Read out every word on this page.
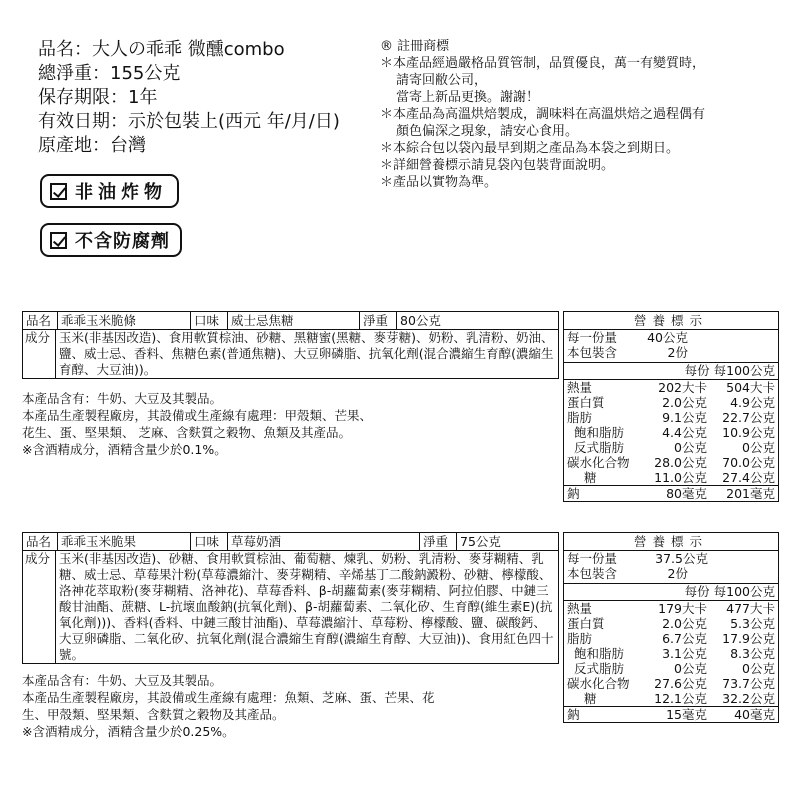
品名：大人の乖乖 微醺combo
總淨重：155公克
保存期限：1年
有效日期：示於包裝上(西元 年/月/日)
原產地：台灣
® 註冊商標
＊本產品經過嚴格品質管制，品質優良，萬一有變質時，
請寄回敝公司，
當寄上新品更換。謝謝！
＊本產品為高溫烘焙製成，調味料在高溫烘焙之過程偶有
顏色偏深之現象，請安心食用。
＊本綜合包以袋內最早到期之產品為本袋之到期日。
＊詳細營養標示請見袋內包裝背面說明。
＊產品以實物為準。
非油炸物
不含防腐劑
品名 乖乖玉米脆條	口味 威士忌焦糖	淨重 80公克
成分 玉米(非基因改造)、食用軟質棕油、砂糖、黑糖蜜(黑糖、麥芽糖)、奶粉、乳清粉、奶油、鹽、威士忌、香料、焦糖色素(普通焦糖)、大豆卵磷脂、抗氧化劑(混合濃縮生育醇(濃縮生育醇、大豆油))。
本產品含有：牛奶、大豆及其製品。
本產品生產製程廠房，其設備或生產線有處理：甲殼類、芒果、
花生、蛋、堅果類、 芝麻、含麩質之穀物、魚類及其產品。
※含酒精成分，酒精含量少於0.1%。
營養標示
每一份量	40公克
本包裝含	2份
每份
每100公克
熱量	202大卡	504大卡
蛋白質	2.0公克	4.9公克
脂肪	9.1公克	22.7公克
飽和脂肪	4.4公克	10.9公克
反式脂肪	0公克	0公克
碳水化合物	28.0公克	70.0公克
糖	11.0公克	27.4公克
鈉	80毫克	201毫克
品名 乖乖玉米脆果	口味 草莓奶酒	淨重 75公克
成分 玉米(非基因改造)、砂糖、食用軟質棕油、葡萄糖、煉乳、奶粉、乳清粉、麥芽糊精、乳糖、威士忌、草莓果汁粉(草莓濃縮汁、麥芽糊精、辛烯基丁二酸鈉澱粉、砂糖、檸檬酸、洛神花萃取粉(麥芽糊精、洛神花)、草莓香料、β-胡蘿蔔素(麥芽糊精、阿拉伯膠、中鏈三酸甘油酯、蔗糖、L-抗壞血酸鈉(抗氧化劑)、β-胡蘿蔔素、二氧化矽、生育醇(維生素E)(抗氧化劑)))、香料(香料、中鏈三酸甘油酯)、草莓濃縮汁、草莓粉、檸檬酸、鹽、碳酸鈣、大豆卵磷脂、二氧化矽、抗氧化劑(混合濃縮生育醇(濃縮生育醇、大豆油))、食用紅色四十號。
本產品含有：牛奶、大豆及其製品。
本產品生產製程廠房，其設備或生產線有處理：魚類、芝麻、蛋、芒果、花
生、甲殼類、堅果類、含麩質之穀物及其產品。
※含酒精成分，酒精含量少於0.25%。
營養標示
每一份量	37.5公克
本包裝含	2份
每份
每100公克
熱量	179大卡	477大卡
蛋白質	2.0公克	5.3公克
脂肪	6.7公克	17.9公克
飽和脂肪	3.1公克	8.3公克
反式脂肪	0公克	0公克
碳水化合物	27.6公克	73.7公克
糖	12.1公克	32.2公克
鈉	15毫克	40毫克
